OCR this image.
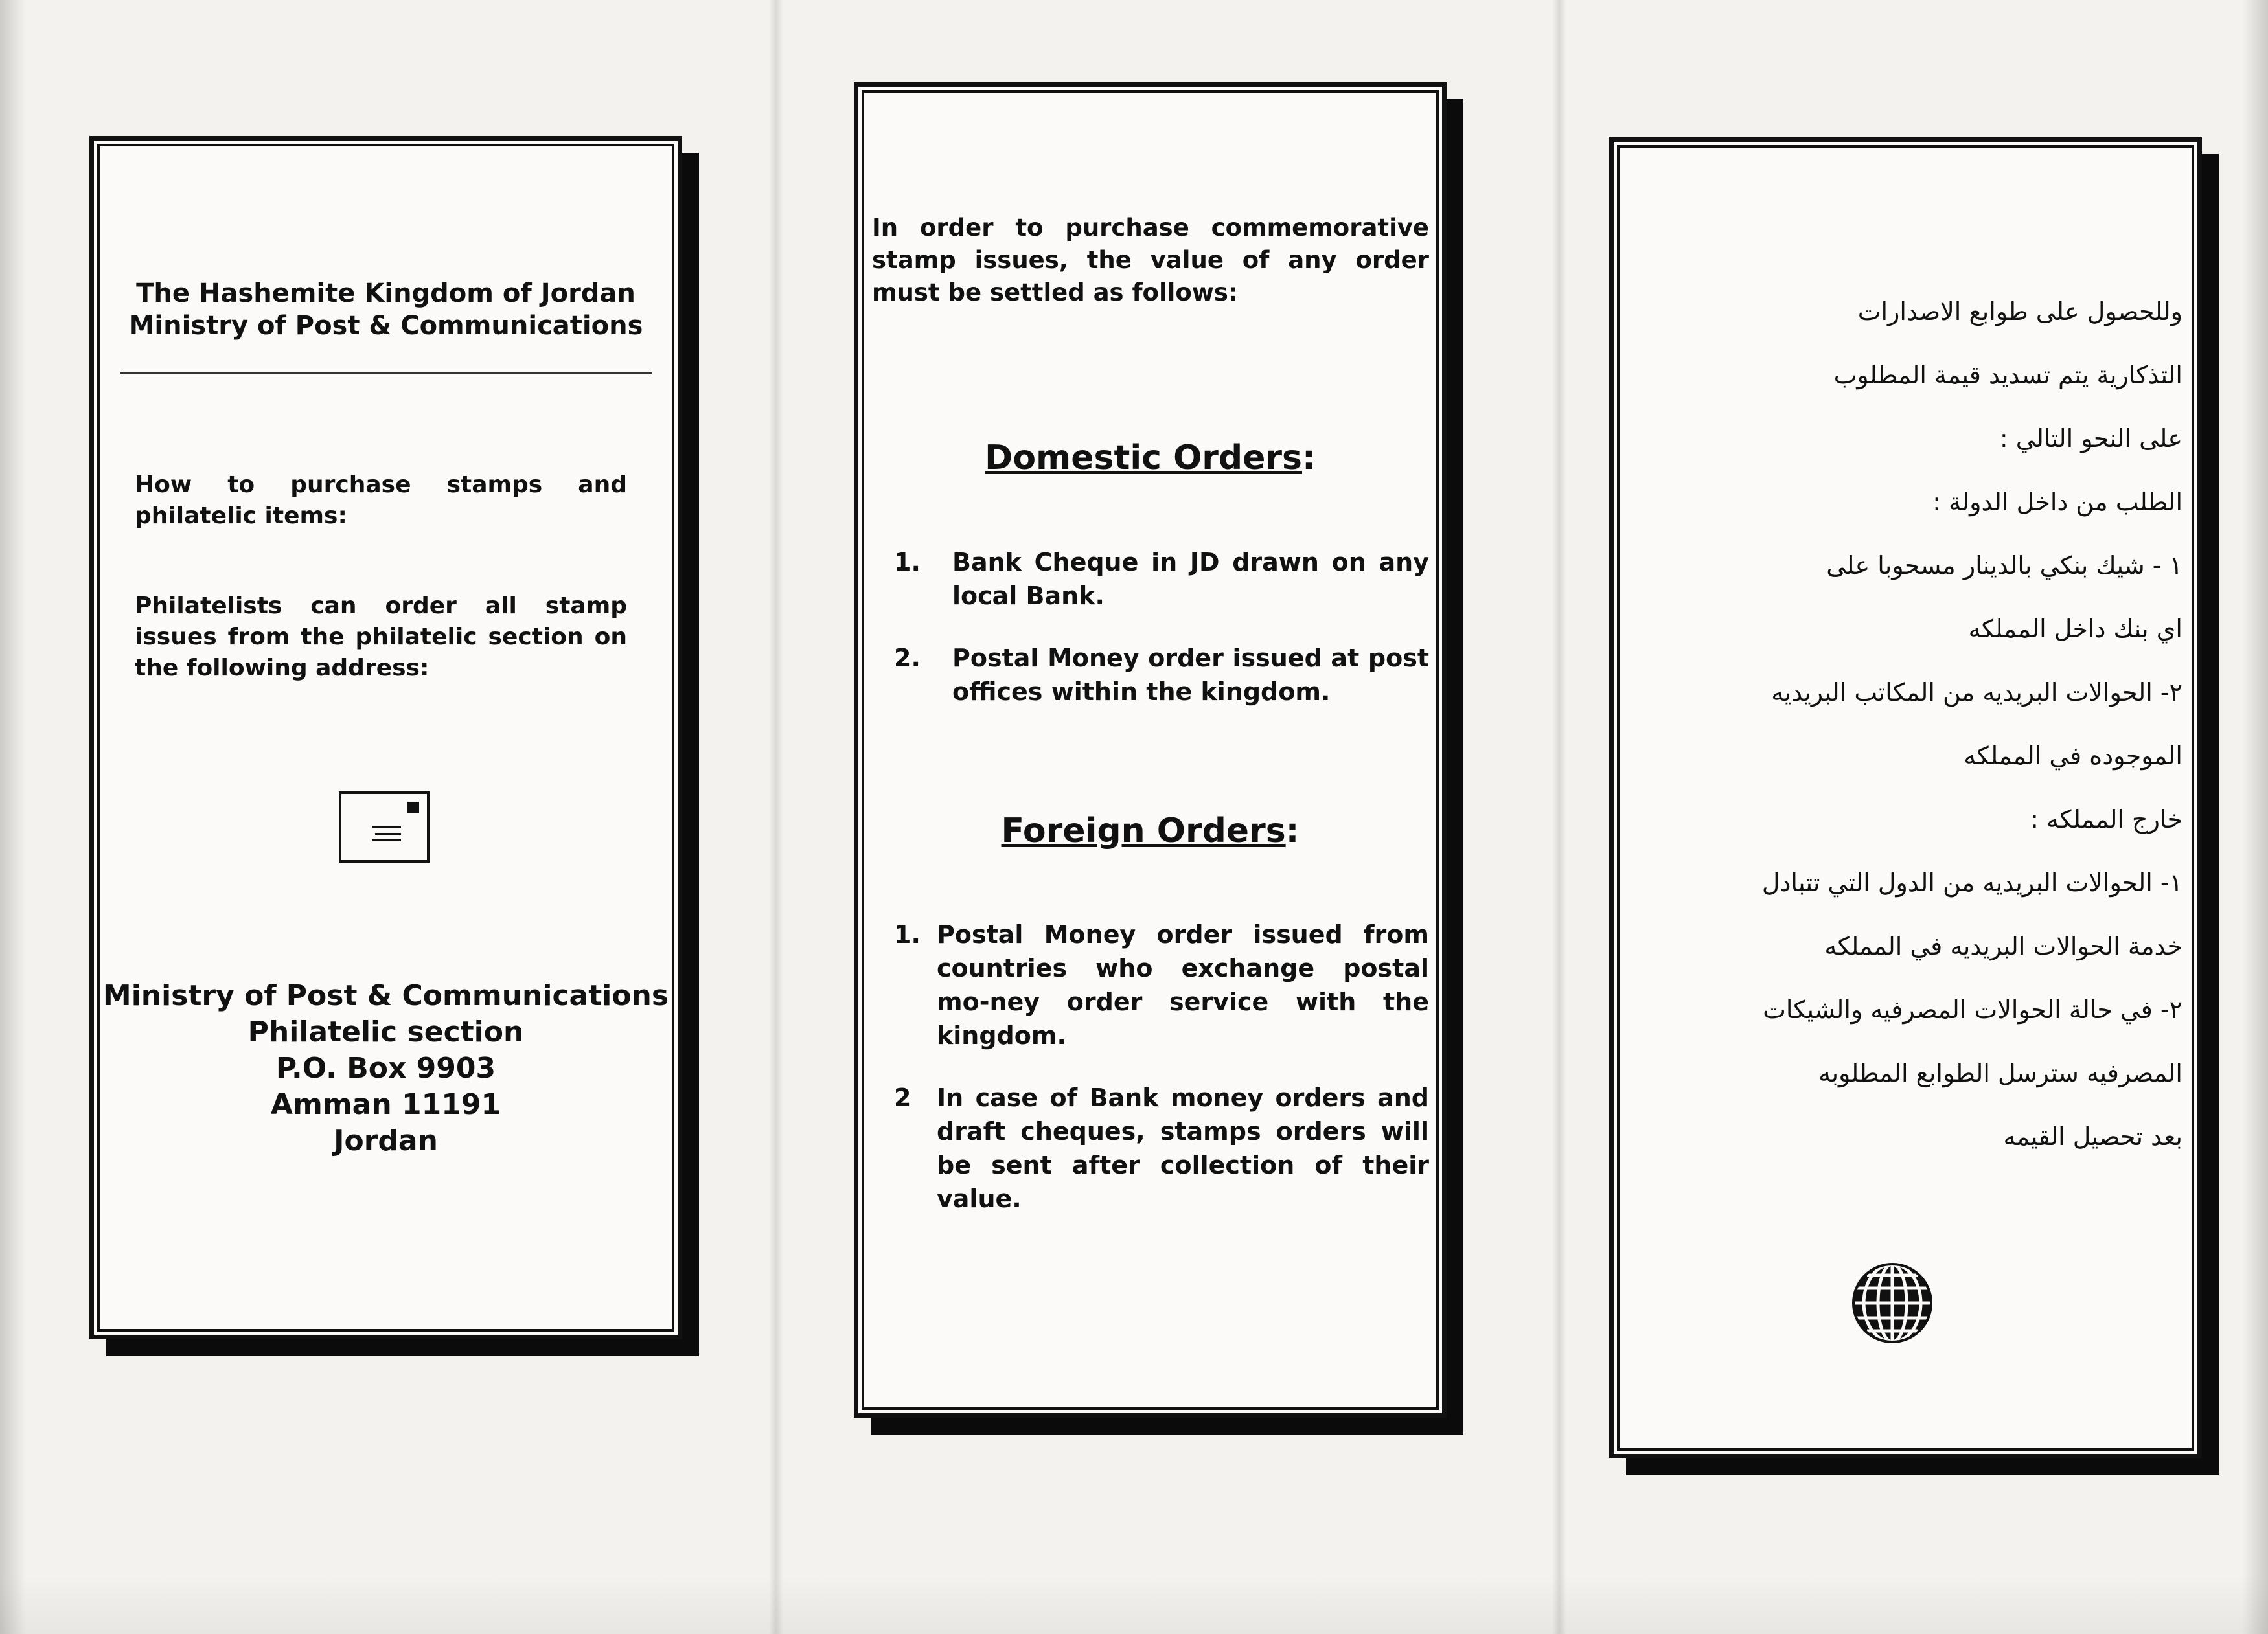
The Hashemite Kingdom of Jordan
Ministry of Post & Communications
How to purchase stamps and philatelic items:
Philatelists can order all stamp issues from the philatelic section on the following address:
Ministry of Post & Communications
Philatelic section
P.O. Box 9903
Amman 11191
Jordan
In order to purchase commemorative stamp issues, the value of any order must be settled as follows:
Domestic Orders:
1.	Bank Cheque in JD drawn on any local Bank.
2.	Postal Money order issued at post offices within the kingdom.
Foreign Orders:
1. Postal Money order issued from countries who exchange postal mo-ney order service with the kingdom.
2	In case of Bank money orders and draft cheques, stamps orders will be sent after collection of their value.
وللحصول على طوابع الاصدارات
التذكارية يتم تسديد قيمة المطلوب
على النحو التالي :
الطلب من داخل الدولة :
١ - شيك بنكي بالدينار مسحوبا على
اي بنك داخل المملكه
٢- الحوالات البريديه من المكاتب البريديه
الموجوده في المملكه
خارج المملكه :
١- الحوالات البريديه من الدول التي تتبادل
خدمة الحوالات البريديه في المملكه
٢- في حالة الحوالات المصرفيه والشيكات
المصرفيه سترسل الطوابع المطلوبه
بعد تحصيل القيمه
